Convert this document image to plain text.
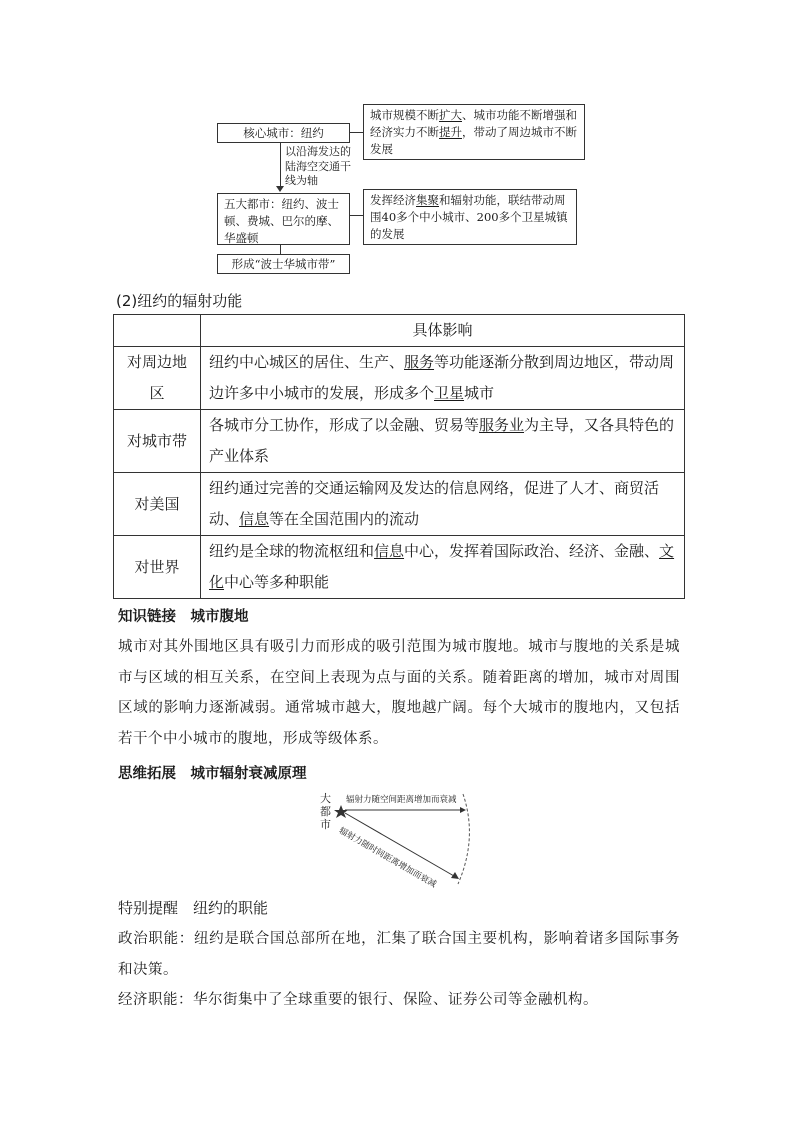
核心城市：纽约
城市规模不断扩大、城市功能不断增强和经济实力不断提升，带动了周边城市不断发展
以沿海发达的陆海空交通干线为轴
五大都市：纽约、波士顿、费城、巴尔的摩、华盛顿
发挥经济集聚和辐射功能，联结带动周围40多个中小城市、200多个卫星城镇的发展
形成“波士华城市带”
(2)纽约的辐射功能
	具体影响
对周边地区	纽约中心城区的居住、生产、服务等功能逐渐分散到周边地区，带动周边许多中小城市的发展，形成多个卫星城市
对城市带	各城市分工协作，形成了以金融、贸易等服务业为主导，又各具特色的产业体系
对美国	纽约通过完善的交通运输网及发达的信息网络，促进了人才、商贸活动、信息等在全国范围内的流动
对世界	纽约是全球的物流枢纽和信息中心，发挥着国际政治、经济、金融、文化中心等多种职能
知识链接　城市腹地
城市对其外围地区具有吸引力而形成的吸引范围为城市腹地。城市与腹地的关系是城市与区域的相互关系，在空间上表现为点与面的关系。随着距离的增加，城市对周围区域的影响力逐渐减弱。通常城市越大，腹地越广阔。每个大城市的腹地内，又包括若干个中小城市的腹地，形成等级体系。
思维拓展　城市辐射衰减原理
大都市
辐射力随空间距离增加而衰减
辐射力随时间距离增加而衰减
特别提醒　纽约的职能
政治职能：纽约是联合国总部所在地，汇集了联合国主要机构，影响着诸多国际事务和决策。
经济职能：华尔街集中了全球重要的银行、保险、证券公司等金融机构。
